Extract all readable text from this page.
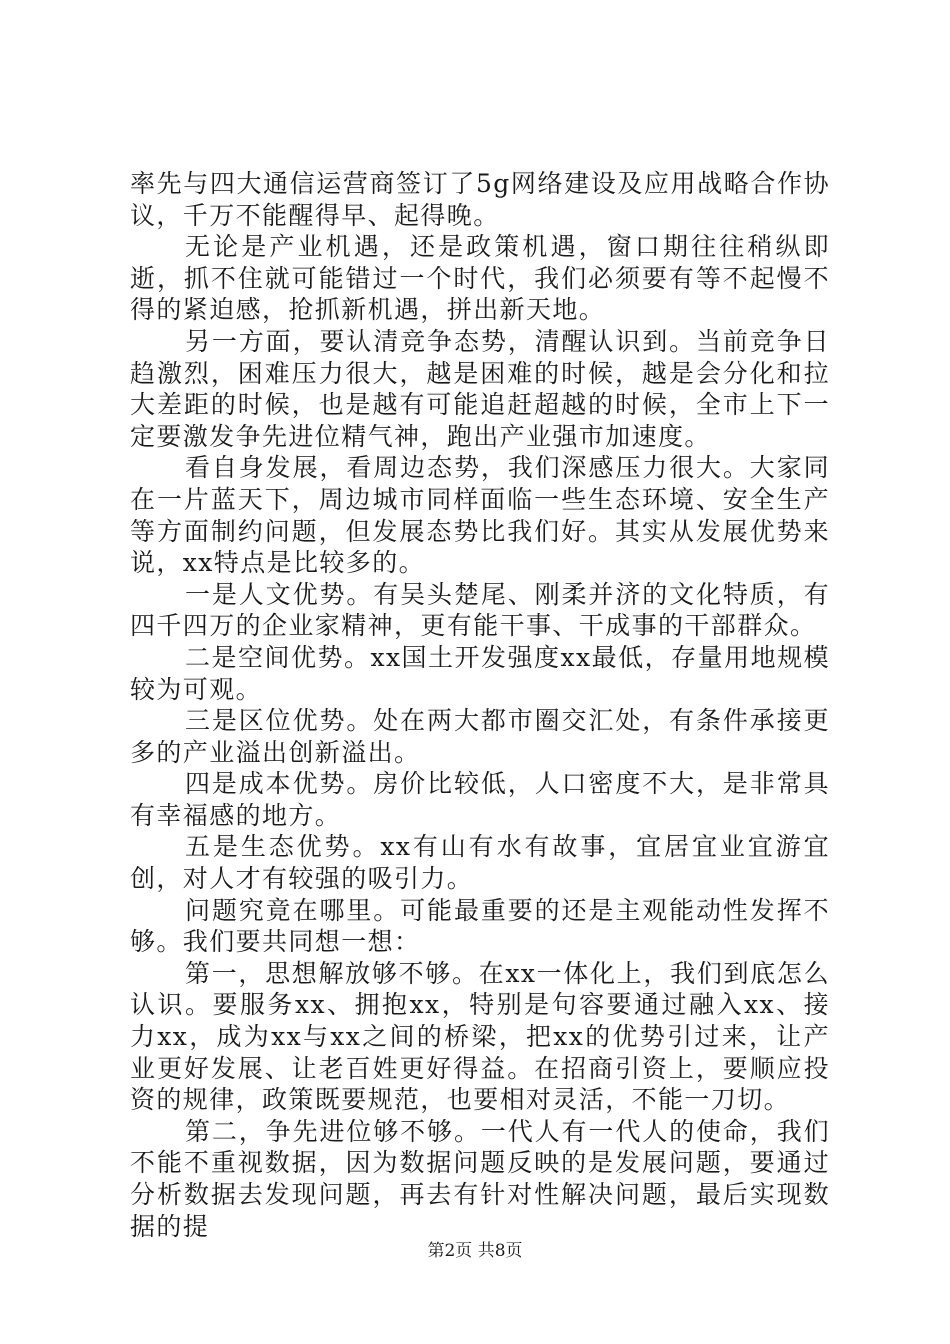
率先与四大通信运营商签订了5g网络建设及应用战略合作协议，千万不能醒得早、起得晚。

无论是产业机遇，还是政策机遇，窗口期往往稍纵即逝，抓不住就可能错过一个时代，我们必须要有等不起慢不得的紧迫感，抢抓新机遇，拼出新天地。

另一方面，要认清竞争态势，清醒认识到。当前竞争日趋激烈，困难压力很大，越是困难的时候，越是会分化和拉大差距的时候，也是越有可能追赶超越的时候，全市上下一定要激发争先进位精气神，跑出产业强市加速度。

看自身发展，看周边态势，我们深感压力很大。大家同在一片蓝天下，周边城市同样面临一些生态环境、安全生产等方面制约问题，但发展态势比我们好。其实从发展优势来说，xx特点是比较多的。

一是人文优势。有吴头楚尾、刚柔并济的文化特质，有四千四万的企业家精神，更有能干事、干成事的干部群众。

二是空间优势。xx国土开发强度xx最低，存量用地规模较为可观。

三是区位优势。处在两大都市圈交汇处，有条件承接更多的产业溢出创新溢出。

四是成本优势。房价比较低，人口密度不大，是非常具有幸福感的地方。

五是生态优势。xx有山有水有故事，宜居宜业宜游宜创，对人才有较强的吸引力。

问题究竟在哪里。可能最重要的还是主观能动性发挥不够。我们要共同想一想：

第一，思想解放够不够。在xx一体化上，我们到底怎么认识。要服务xx、拥抱xx，特别是句容要通过融入xx、接力xx，成为xx与xx之间的桥梁，把xx的优势引过来，让产业更好发展、让老百姓更好得益。在招商引资上，要顺应投资的规律，政策既要规范，也要相对灵活，不能一刀切。

第二，争先进位够不够。一代人有一代人的使命，我们不能不重视数据，因为数据问题反映的是发展问题，要通过分析数据去发现问题，再去有针对性解决问题，最后实现数据的提

第2页 共8页
